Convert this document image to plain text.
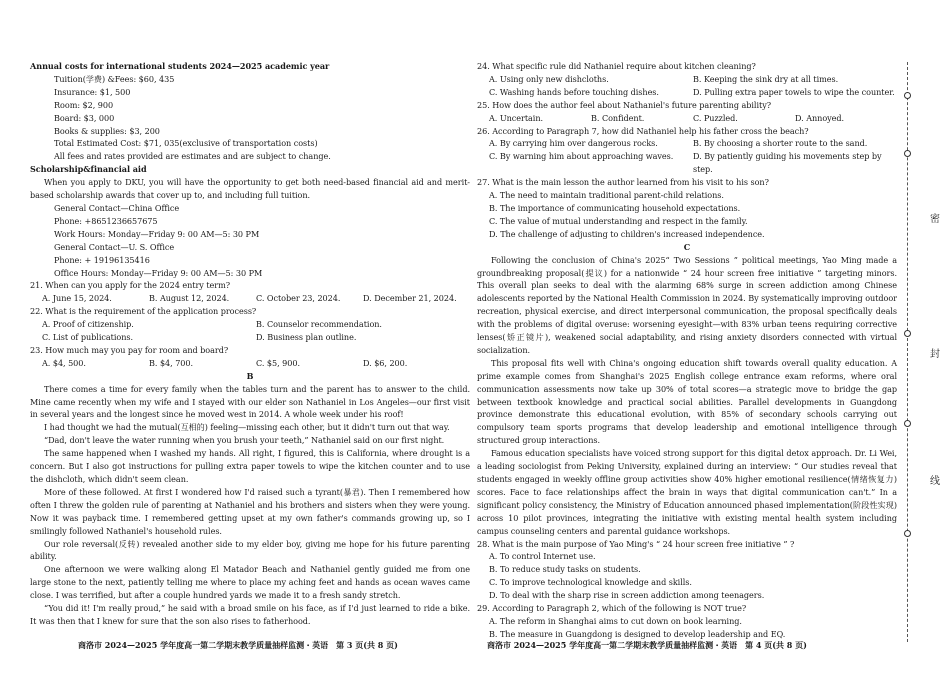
Annual costs for international students 2024—2025 academic year

Tuition(学费) &Fees: $60, 435

Insurance: $1, 500

Room: $2, 900

Board: $3, 000

Books & supplies: $3, 200

Total Estimated Cost: $71, 035(exclusive of transportation costs)

All fees and rates provided are estimates and are subject to change.

Scholarship&financial aid

When you apply to DKU, you will have the opportunity to get both need-based financial aid and merit-based scholarship awards that cover up to, and including full tuition.

General Contact—China Office

Phone: +8651236657675

Work Hours: Monday—Friday 9: 00 AM—5: 30 PM

General Contact—U. S. Office

Phone: + 19196135416

Office Hours: Monday—Friday 9: 00 AM—5: 30 PM

21. When can you apply for the 2024 entry term?

A. June 15, 2024.	B. August 12, 2024.	C. October 23, 2024.	D. December 21, 2024.

22. What is the requirement of the application process?

A. Proof of citizenship.	B. Counselor recommendation.
C. List of publications.	D. Business plan outline.

23. How much may you pay for room and board?

A. $4, 500.	B. $4, 700.	C. $5, 900.	D. $6, 200.

B

There comes a time for every family when the tables turn and the parent has to answer to the child. Mine came recently when my wife and I stayed with our elder son Nathaniel in Los Angeles—our first visit in several years and the longest since he moved west in 2014. A whole week under his roof!

I had thought we had the mutual(互相的) feeling—missing each other, but it didn't turn out that way.

“Dad, don't leave the water running when you brush your teeth,” Nathaniel said on our first night.

The same happened when I washed my hands. All right, I figured, this is California, where drought is a concern. But I also got instructions for pulling extra paper towels to wipe the kitchen counter and to use the dishcloth, which didn't seem clean.

More of these followed. At first I wondered how I'd raised such a tyrant(暴君). Then I remembered how often I threw the golden rule of parenting at Nathaniel and his brothers and sisters when they were young. Now it was payback time. I remembered getting upset at my own father's commands growing up, so I smilingly followed Nathaniel's household rules.

Our role reversal(反转) revealed another side to my elder boy, giving me hope for his future parenting ability.

One afternoon we were walking along El Matador Beach and Nathaniel gently guided me from one large stone to the next, patiently telling me where to place my aching feet and hands as ocean waves came close. I was terrified, but after a couple hundred yards we made it to a fresh sandy stretch.

“You did it! I'm really proud,” he said with a broad smile on his face, as if I'd just learned to ride a bike. It was then that I knew for sure that the son also rises to fatherhood.

24. What specific rule did Nathaniel require about kitchen cleaning?

A. Using only new dishcloths.	B. Keeping the sink dry at all times.
C. Washing hands before touching dishes.	D. Pulling extra paper towels to wipe the counter.

25. How does the author feel about Nathaniel's future parenting ability?

A. Uncertain.	B. Confident.	C. Puzzled.	D. Annoyed.

26. According to Paragraph 7, how did Nathaniel help his father cross the beach?

A. By carrying him over dangerous rocks.	B. By choosing a shorter route to the sand.
C. By warning him about approaching waves.	D. By patiently guiding his movements step by step.

27. What is the main lesson the author learned from his visit to his son?

A. The need to maintain traditional parent-child relations.

B. The importance of communicating household expectations.

C. The value of mutual understanding and respect in the family.

D. The challenge of adjusting to children's increased independence.

C

Following the conclusion of China's 2025“ Two Sessions ” political meetings, Yao Ming made a groundbreaking proposal(提议) for a nationwide “ 24 hour screen free initiative ” targeting minors. This overall plan seeks to deal with the alarming 68% surge in screen addiction among Chinese adolescents reported by the National Health Commission in 2024. By systematically improving outdoor recreation, physical exercise, and direct interpersonal communication, the proposal specifically deals with the problems of digital overuse: worsening eyesight—with 83% urban teens requiring corrective lenses(矫正镜片), weakened social adaptability, and rising anxiety disorders connected with virtual socialization.

This proposal fits well with China's ongoing education shift towards overall quality education. A prime example comes from Shanghai's 2025 English college entrance exam reforms, where oral communication assessments now take up 30% of total scores—a strategic move to bridge the gap between textbook knowledge and practical social abilities. Parallel developments in Guangdong province demonstrate this educational evolution, with 85% of secondary schools carrying out compulsory team sports programs that develop leadership and emotional intelligence through structured group interactions.

Famous education specialists have voiced strong support for this digital detox approach. Dr. Li Wei, a leading sociologist from Peking University, explained during an interview: “ Our studies reveal that students engaged in weekly offline group activities show 40% higher emotional resilience(情绪恢复力) scores. Face to face relationships affect the brain in ways that digital communication can't.” In a significant policy consistency, the Ministry of Education announced phased implementation(阶段性实现) across 10 pilot provinces, integrating the initiative with existing mental health system including campus counseling centers and parental guidance workshops.

28. What is the main purpose of Yao Ming's “ 24 hour screen free initiative ” ?

A. To control Internet use.

B. To reduce study tasks on students.

C. To improve technological knowledge and skills.

D. To deal with the sharp rise in screen addiction among teenagers.

29. According to Paragraph 2, which of the following is NOT true?

A. The reform in Shanghai aims to cut down on book learning.

B. The measure in Guangdong is designed to develop leadership and EQ.

商洛市 2024—2025 学年度高一第二学期末教学质量抽样监测・英语　第 3 页(共 8 页)	商洛市 2024—2025 学年度高一第二学期末教学质量抽样监测・英语　第 4 页(共 8 页)
密
封
线
